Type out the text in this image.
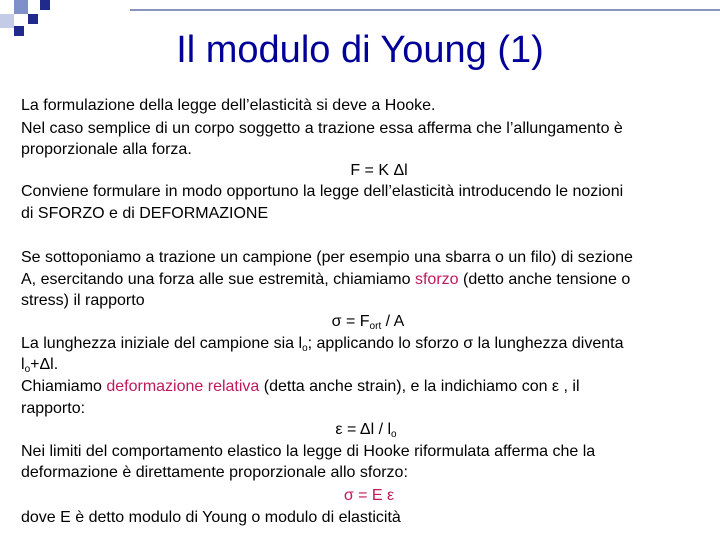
Il modulo di Young (1)
La formulazione della legge dell’elasticità si deve a Hooke.
Nel caso semplice di un corpo soggetto a trazione essa afferma che l’allungamento è
proporzionale alla forza.
F = K Δl
Conviene formulare in modo opportuno la legge dell’elasticità introducendo le nozioni
di SFORZO e di DEFORMAZIONE
Se sottoponiamo a trazione un campione (per esempio una sbarra o un filo) di sezione
A, esercitando una forza alle sue estremità, chiamiamo sforzo (detto anche tensione o
stress) il rapporto
$\sigma = F_{ort} / A$
La lunghezza iniziale del campione sia $l_o$; applicando lo sforzo σ la lunghezza diventa
$l_o+\Delta l$.
Chiamiamo deformazione relativa (detta anche strain), e la indichiamo con ε , il
rapporto:
$\varepsilon = \Delta l / l_o$
Nei limiti del comportamento elastico la legge di Hooke riformulata afferma che la
deformazione è direttamente proporzionale allo sforzo:
σ = E ε
dove E è detto modulo di Young o modulo di elasticità
